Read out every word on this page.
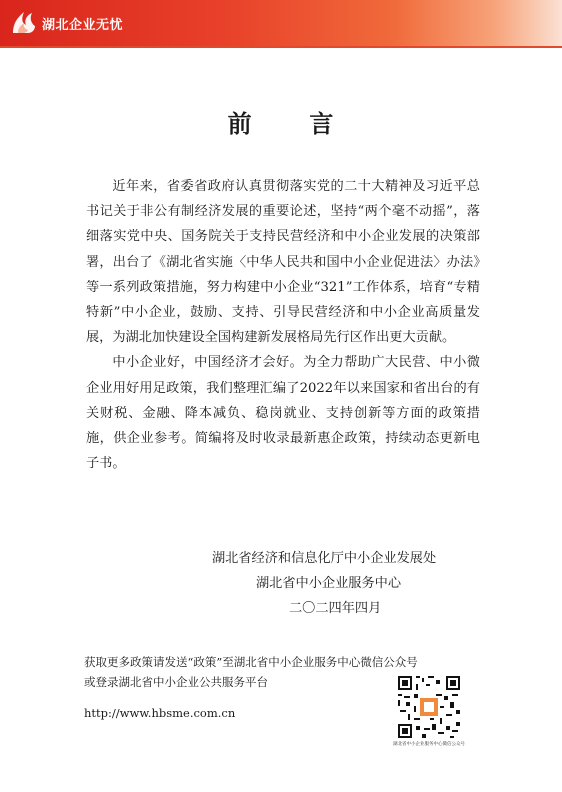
湖北企业无忧
前 言

近年来，省委省政府认真贯彻落实党的二十大精神及习近平总书记关于非公有制经济发展的重要论述，坚持“两个毫不动摇”，落细落实党中央、国务院关于支持民营经济和中小企业发展的决策部署，出台了《湖北省实施〈中华人民共和国中小企业促进法〉办法》等一系列政策措施，努力构建中小企业“321”工作体系，培育“专精特新”中小企业，鼓励、支持、引导民营经济和中小企业高质量发展，为湖北加快建设全国构建新发展格局先行区作出更大贡献。

中小企业好，中国经济才会好。为全力帮助广大民营、中小微企业用好用足政策，我们整理汇编了2022年以来国家和省出台的有关财税、金融、降本减负、稳岗就业、支持创新等方面的政策措施，供企业参考。简编将及时收录最新惠企政策，持续动态更新电子书。

湖北省经济和信息化厅中小企业发展处
湖北省中小企业服务中心
二〇二四年四月
获取更多政策请发送“政策”至湖北省中小企业服务中心微信公众号
或登录湖北省中小企业公共服务平台
http://www.hbsme.com.cn
湖北省中小企业服务中心微信公众号
